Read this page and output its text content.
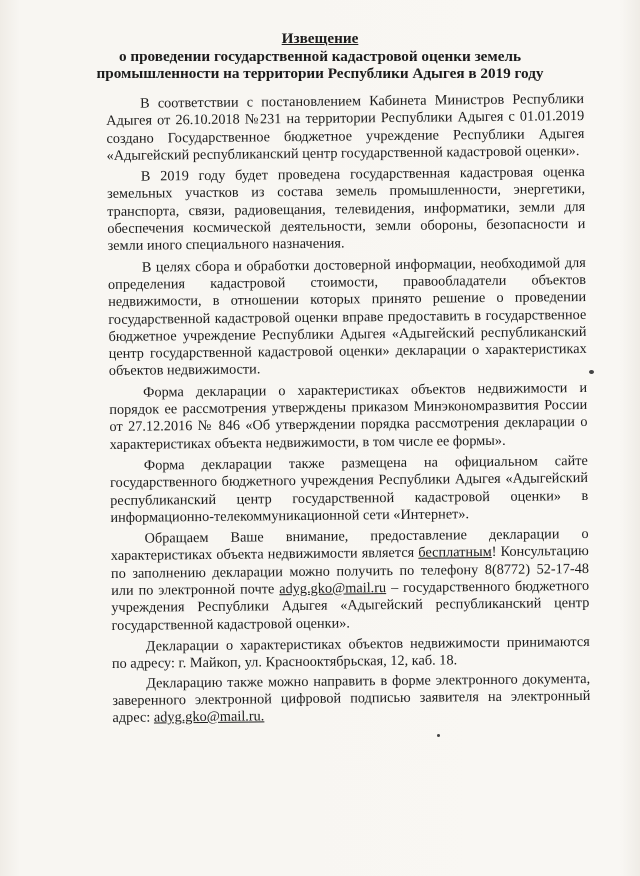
Извещение
о проведении государственной кадастровой оценки земель
промышленности на территории Республики Адыгея в 2019 году

В соответствии с постановлением Кабинета Министров Республики Адыгея от 26.10.2018 №231 на территории Республики Адыгея с 01.01.2019 создано Государственное бюджетное учреждение Республики Адыгея «Адыгейский республиканский центр государственной кадастровой оценки».

В 2019 году будет проведена государственная кадастровая оценка земельных участков из состава земель промышленности, энергетики, транспорта, связи, радиовещания, телевидения, информатики, земли для обеспечения космической деятельности, земли обороны, безопасности и земли иного специального назначения.

В целях сбора и обработки достоверной информации, необходимой для определения кадастровой стоимости, правообладатели объектов недвижимости, в отношении которых принято решение о проведении государственной кадастровой оценки вправе предоставить в государственное бюджетное учреждение Республики Адыгея «Адыгейский республиканский центр государственной кадастровой оценки» декларации о характеристиках объектов недвижимости.

Форма декларации о характеристиках объектов недвижимости и порядок ее рассмотрения утверждены приказом Минэкономразвития России от 27.12.2016 № 846 «Об утверждении порядка рассмотрения декларации о характеристиках объекта недвижимости, в том числе ее формы».

Форма декларации также размещена на официальном сайте государственного бюджетного учреждения Республики Адыгея «Адыгейский республиканский центр государственной кадастровой оценки» в информационно-телекоммуникационной сети «Интернет».

Обращаем Ваше внимание, предоставление декларации о характеристиках объекта недвижимости является бесплатным! Консультацию по заполнению декларации можно получить по телефону 8(8772) 52-17-48 или по электронной почте adyg.gko@mail.ru – государственного бюджетного учреждения Республики Адыгея «Адыгейский республиканский центр государственной кадастровой оценки».

Декларации о характеристиках объектов недвижимости принимаются по адресу: г. Майкоп, ул. Краснооктябрьская, 12, каб. 18.

Декларацию также можно направить в форме электронного документа, заверенного электронной цифровой подписью заявителя на электронный адрес: adyg.gko@mail.ru.
